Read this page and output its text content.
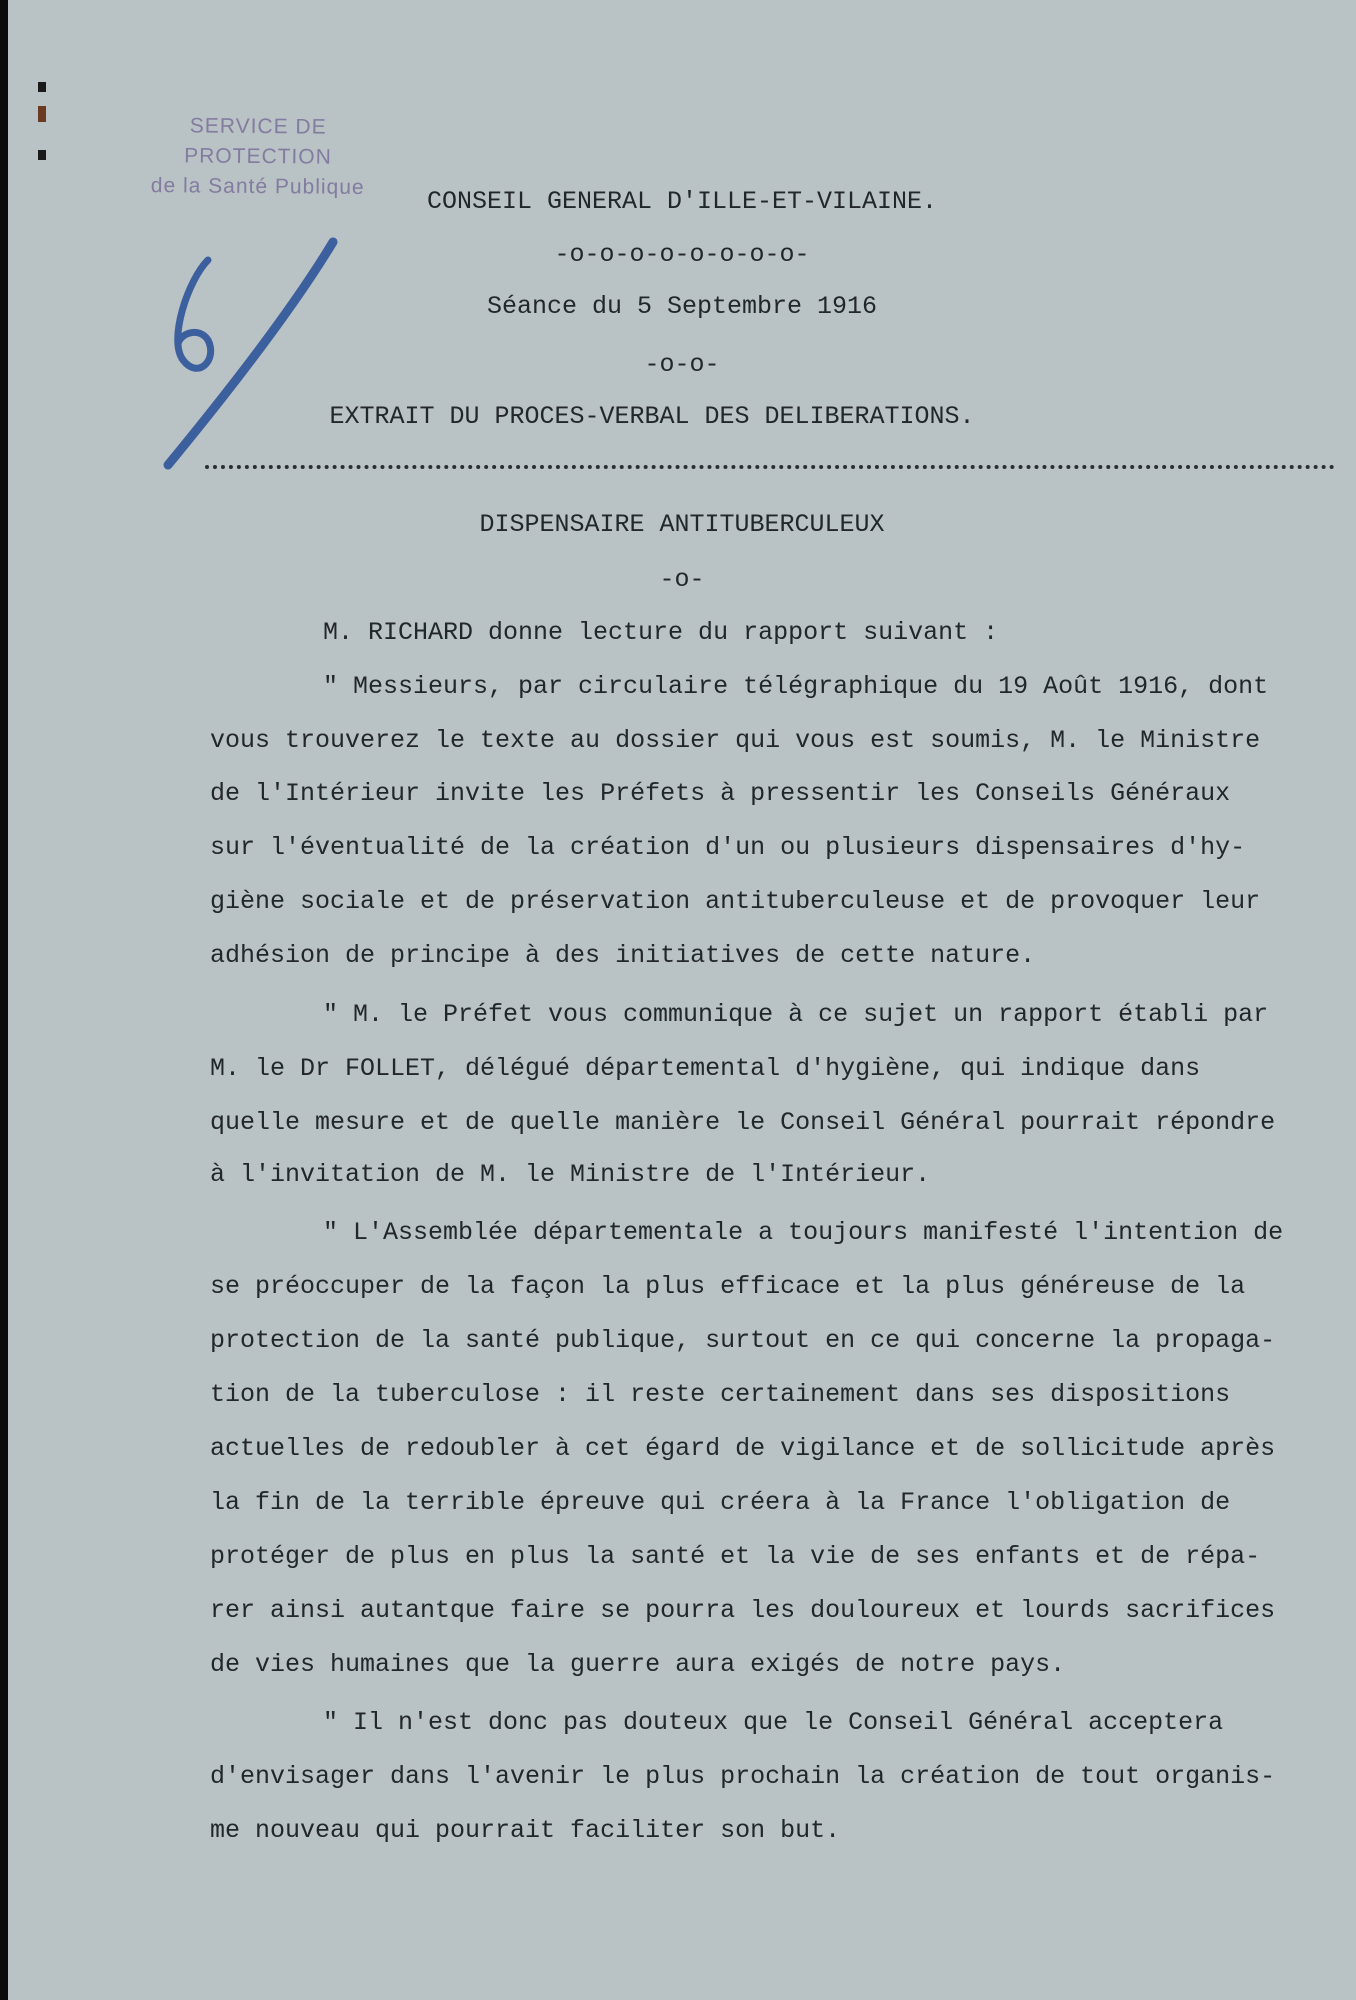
SERVICE DE PROTECTION
de la Santé Publique
CONSEIL GENERAL D'ILLE-ET-VILAINE.
-o-o-o-o-o-o-o-o-
Séance du 5 Septembre 1916
-o-o-
EXTRAIT DU PROCES-VERBAL DES DELIBERATIONS.
DISPENSAIRE ANTITUBERCULEUX
-o-
M. RICHARD donne lecture du rapport suivant :
" Messieurs, par circulaire télégraphique du 19 Août 1916, dont
vous trouverez le texte au dossier qui vous est soumis, M. le Ministre
de l'Intérieur invite les Préfets à pressentir les Conseils Généraux
sur l'éventualité de la création d'un ou plusieurs dispensaires d'hy-
giène sociale et de préservation antituberculeuse et de provoquer leur
adhésion de principe à des initiatives de cette nature.
" M. le Préfet vous communique à ce sujet un rapport établi par
M. le Dr FOLLET, délégué départemental d'hygiène, qui indique dans
quelle mesure et de quelle manière le Conseil Général pourrait répondre
à l'invitation de M. le Ministre de l'Intérieur.
" L'Assemblée départementale a toujours manifesté l'intention de
se préoccuper de la façon la plus efficace et la plus généreuse de la
protection de la santé publique, surtout en ce qui concerne la propaga-
tion de la tuberculose : il reste certainement dans ses dispositions
actuelles de redoubler à cet égard de vigilance et de sollicitude après
la fin de la terrible épreuve qui créera à la France l'obligation de
protéger de plus en plus la santé et la vie de ses enfants et de répa-
rer ainsi autantque faire se pourra les douloureux et lourds sacrifices
de vies humaines que la guerre aura exigés de notre pays.
" Il n'est donc pas douteux que le Conseil Général acceptera
d'envisager dans l'avenir le plus prochain la création de tout organis-
me nouveau qui pourrait faciliter son but.
